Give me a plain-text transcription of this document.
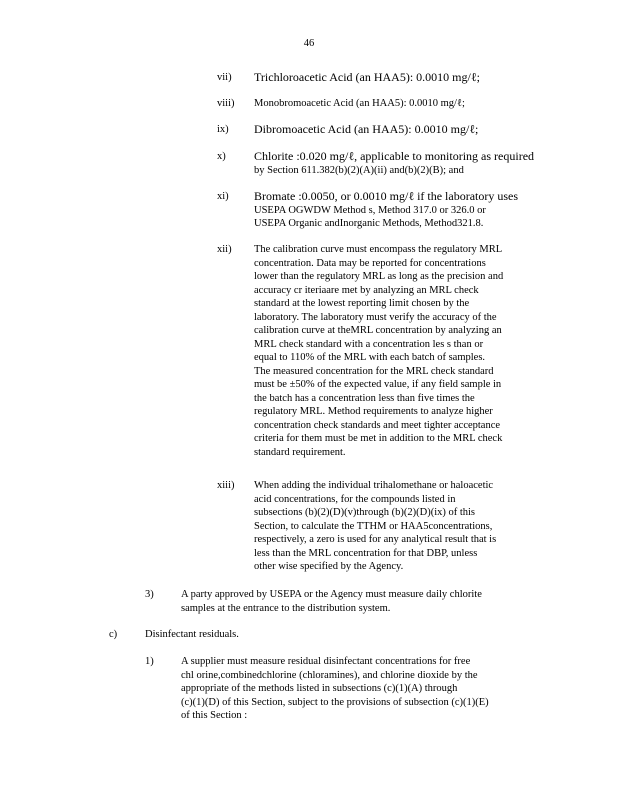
46
vii) Trichloroacetic Acid (an HAA5): 0.0010 mg/ℓ;

viii) Monobromoacetic Acid (an HAA5): 0.0010 mg/ℓ;

ix) Dibromoacetic Acid (an HAA5): 0.0010 mg/ℓ;

x) Chlorite :0.020 mg/ℓ, applicable to monitoring as required

by Section 611.382(b)(2)(A)(ii) and(b)(2)(B); and

xi) Bromate :0.0050, or 0.0010 mg/ℓ if the laboratory uses

USEPA OGWDW Method s, Method 317.0 or 326.0 or

USEPA Organic andInorganic Methods, Method321.8.

xii) The calibration curve must encompass the regulatory MRL

concentration. Data may be reported for concentrations

lower than the regulatory MRL as long as the precision and

accuracy cr iteriaare met by analyzing an MRL check

standard at the lowest reporting limit chosen by the

laboratory. The laboratory must verify the accuracy of the

calibration curve at theMRL concentration by analyzing an

MRL check standard with a concentration les s than or

equal to 110% of the MRL with each batch of samples.

The measured concentration for the MRL check standard

must be ±50% of the expected value, if any field sample in

the batch has a concentration less than five times the

regulatory MRL. Method requirements to analyze higher

concentration check standards and meet tighter acceptance

criteria for them must be met in addition to the MRL check

standard requirement.

xiii) When adding the individual trihalomethane or haloacetic

acid concentrations, for the compounds listed in

subsections (b)(2)(D)(v)through (b)(2)(D)(ix) of this

Section, to calculate the TTHM or HAA5concentrations,

respectively, a zero is used for any analytical result that is

less than the MRL concentration for that DBP, unless

other wise specified by the Agency.

3)	A party approved by USEPA or the Agency must measure daily chlorite

samples at the entrance to the distribution system.

c)	Disinfectant residuals.

1)	A supplier must measure residual disinfectant concentrations for free

chl orine,combinedchlorine (chloramines), and chlorine dioxide by the

appropriate of the methods listed in subsections (c)(1)(A) through

(c)(1)(D) of this Section, subject to the provisions of subsection (c)(1)(E)

of this Section :
